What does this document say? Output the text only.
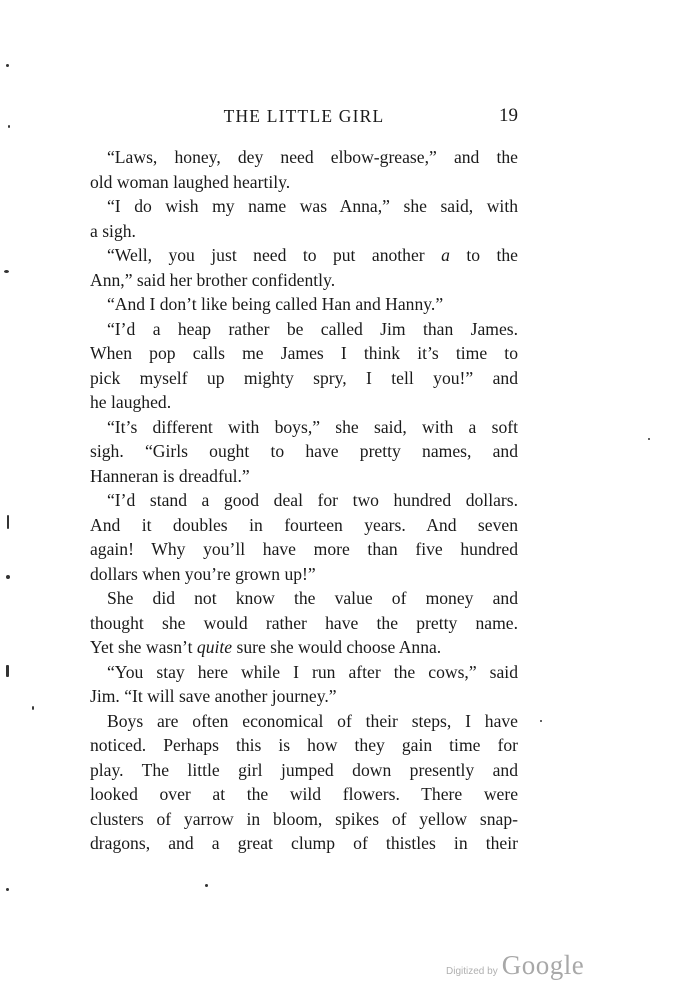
THE LITTLE GIRL	19
“Laws, honey, dey need elbow-grease,” and the
old woman laughed heartily.
“I do wish my name was Anna,” she said, with
a sigh.
“Well, you just need to put another a to the
Ann,” said her brother confidently.
“And I don’t like being called Han and Hanny.”
“I’d a heap rather be called Jim than James.
When pop calls me James I think it’s time to
pick myself up mighty spry, I tell you!” and
he laughed.
“It’s different with boys,” she said, with a soft
sigh. “Girls ought to have pretty names, and
Hanneran is dreadful.”
“I’d stand a good deal for two hundred dollars.
And it doubles in fourteen years. And seven
again! Why you’ll have more than five hundred
dollars when you’re grown up!”
She did not know the value of money and
thought she would rather have the pretty name.
Yet she wasn’t quite sure she would choose Anna.
“You stay here while I run after the cows,” said
Jim. “It will save another journey.”
Boys are often economical of their steps, I have
noticed. Perhaps this is how they gain time for
play. The little girl jumped down presently and
looked over at the wild flowers. There were
clusters of yarrow in bloom, spikes of yellow snap-
dragons, and a great clump of thistles in their
Digitized by Google
